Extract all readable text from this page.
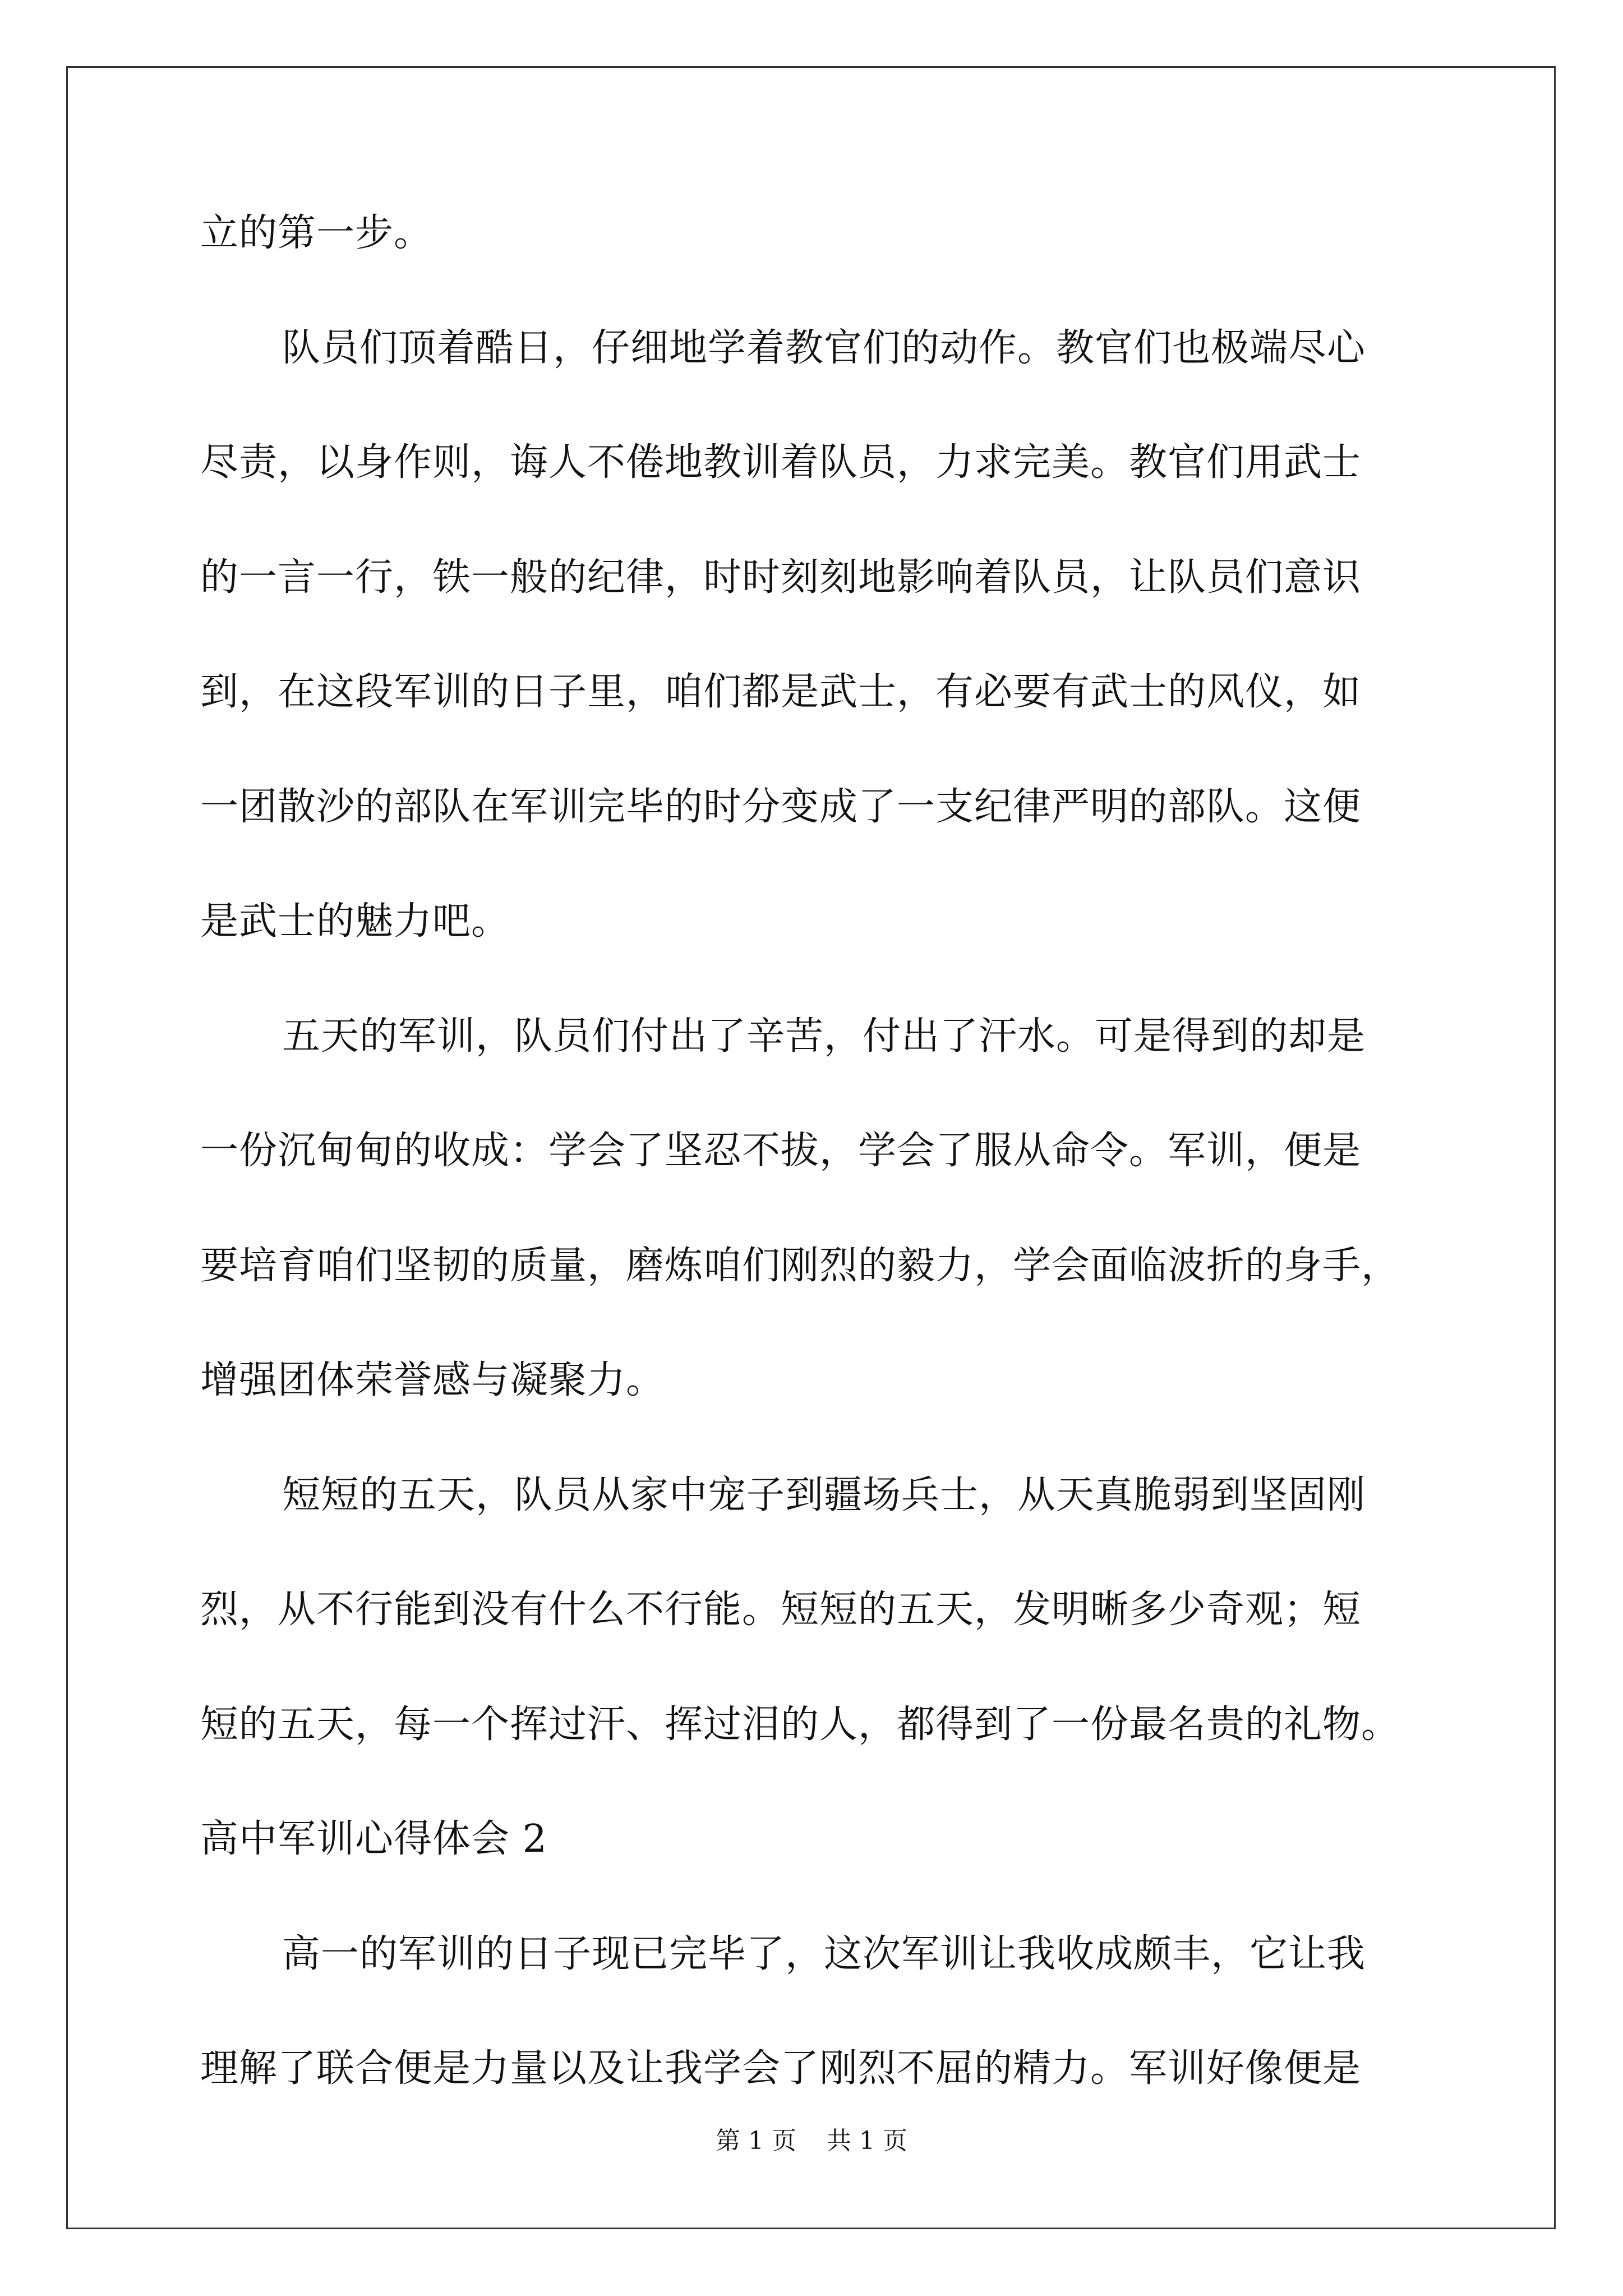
立的第一步。
队员们顶着酷日，仔细地学着教官们的动作。教官们也极端尽心
尽责，以身作则，诲人不倦地教训着队员，力求完美。教官们用武士
的一言一行，铁一般的纪律，时时刻刻地影响着队员，让队员们意识
到，在这段军训的日子里，咱们都是武士，有必要有武士的风仪，如
一团散沙的部队在军训完毕的时分变成了一支纪律严明的部队。这便
是武士的魅力吧。
五天的军训，队员们付出了辛苦，付出了汗水。可是得到的却是
一份沉甸甸的收成：学会了坚忍不拔，学会了服从命令。军训，便是
要培育咱们坚韧的质量，磨炼咱们刚烈的毅力，学会面临波折的身手，
增强团体荣誉感与凝聚力。
短短的五天，队员从家中宠子到疆场兵士，从天真脆弱到坚固刚
烈，从不行能到没有什么不行能。短短的五天，发明晰多少奇观；短
短的五天，每一个挥过汗、挥过泪的人，都得到了一份最名贵的礼物。
高中军训心得体会 2
高一的军训的日子现已完毕了，这次军训让我收成颇丰，它让我
理解了联合便是力量以及让我学会了刚烈不屈的精力。军训好像便是
第 1 页 共 1 页
